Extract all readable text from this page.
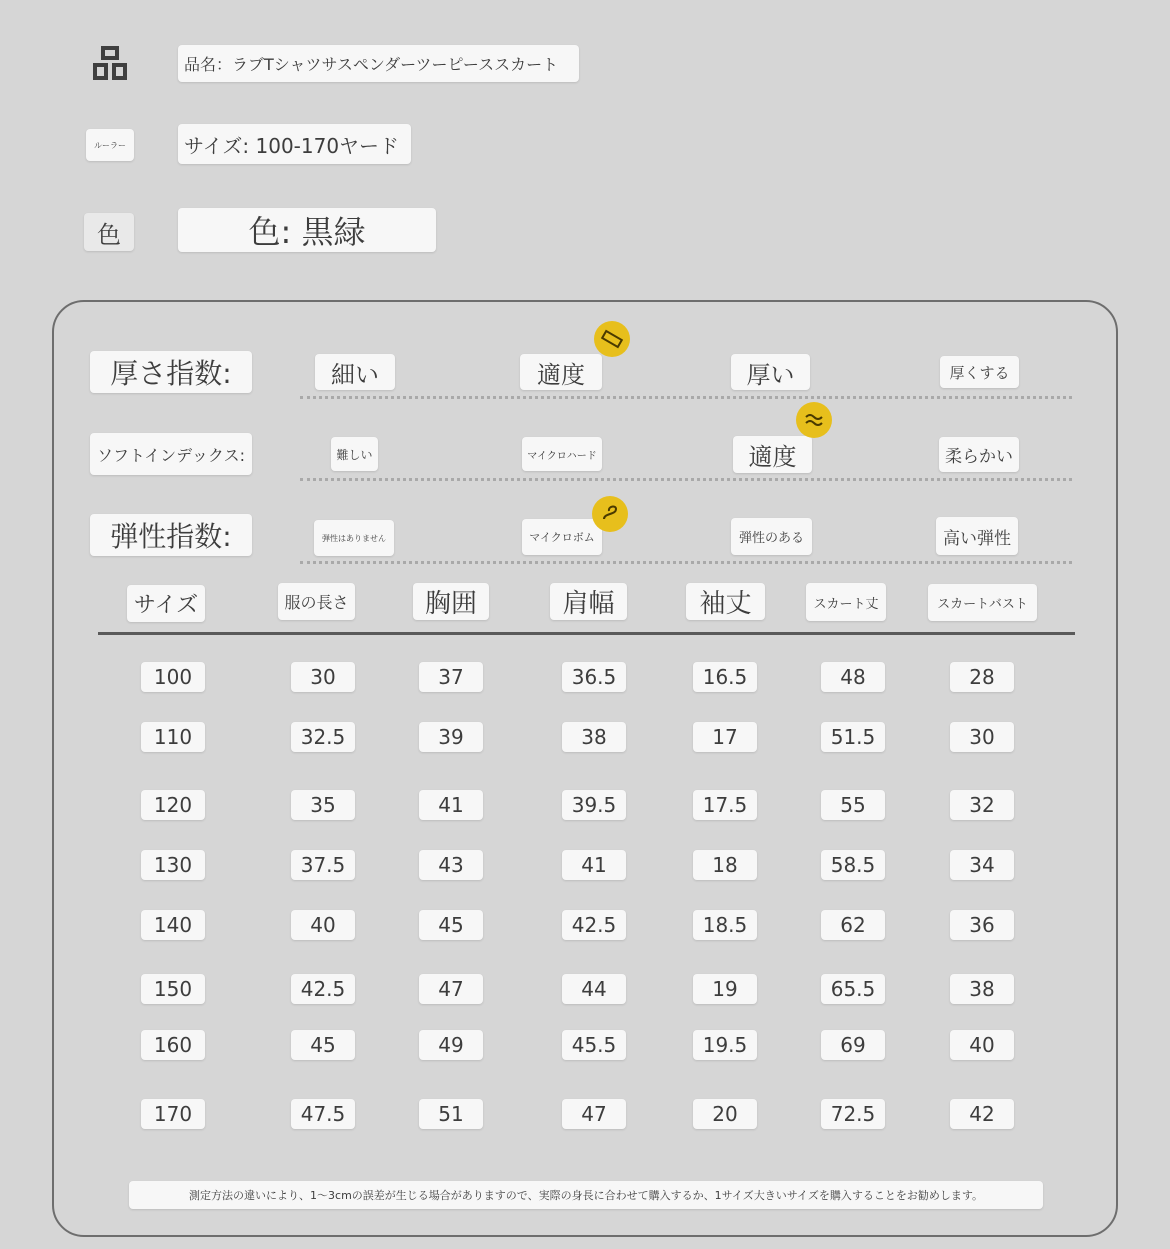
品名：ラブTシャツサスペンダーツーピーススカート
ルーラー	サイズ: 100-170ヤード
色	色: 黒緑
厚さ指数:	細い	適度	厚い	厚くする
ソフトインデックス:	難しい	マイクロハード	適度	柔らかい
弾性指数:	弾性はありません	マイクロボム	弾性のある	高い弾性
サイズ	服の長さ	胸囲	肩幅	袖丈	スカート丈	スカートバスト
100	30	37	36.5	16.5	48	28
110	32.5	39	38	17	51.5	30
120	35	41	39.5	17.5	55	32
130	37.5	43	41	18	58.5	34
140	40	45	42.5	18.5	62	36
150	42.5	47	44	19	65.5	38
160	45	49	45.5	19.5	69	40
170	47.5	51	47	20	72.5	42
測定方法の違いにより、1〜3cmの誤差が生じる場合がありますので、実際の身長に合わせて購入するか、1サイズ大きいサイズを購入することをお勧めします。
